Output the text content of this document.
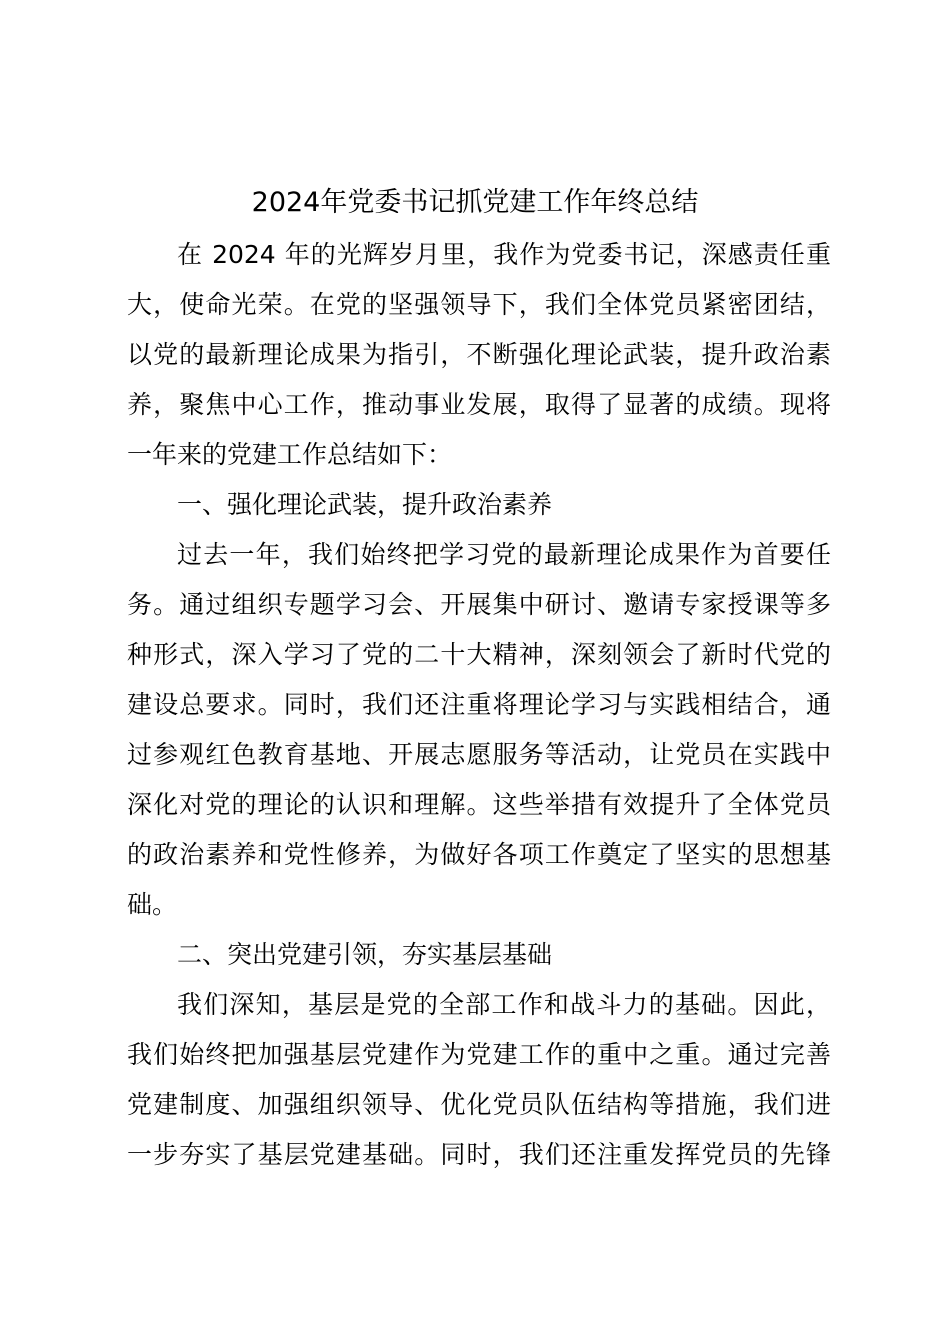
2024年党委书记抓党建工作年终总结
在 2024 年的光辉岁月里，我作为党委书记，深感责任重
大，使命光荣。在党的坚强领导下，我们全体党员紧密团结，
以党的最新理论成果为指引，不断强化理论武装，提升政治素
养，聚焦中心工作，推动事业发展，取得了显著的成绩。现将
一年来的党建工作总结如下：
一、强化理论武装，提升政治素养
过去一年，我们始终把学习党的最新理论成果作为首要任
务。通过组织专题学习会、开展集中研讨、邀请专家授课等多
种形式，深入学习了党的二十大精神，深刻领会了新时代党的
建设总要求。同时，我们还注重将理论学习与实践相结合，通
过参观红色教育基地、开展志愿服务等活动，让党员在实践中
深化对党的理论的认识和理解。这些举措有效提升了全体党员
的政治素养和党性修养，为做好各项工作奠定了坚实的思想基
础。
二、突出党建引领，夯实基层基础
我们深知，基层是党的全部工作和战斗力的基础。因此，
我们始终把加强基层党建作为党建工作的重中之重。通过完善
党建制度、加强组织领导、优化党员队伍结构等措施，我们进
一步夯实了基层党建基础。同时，我们还注重发挥党员的先锋
